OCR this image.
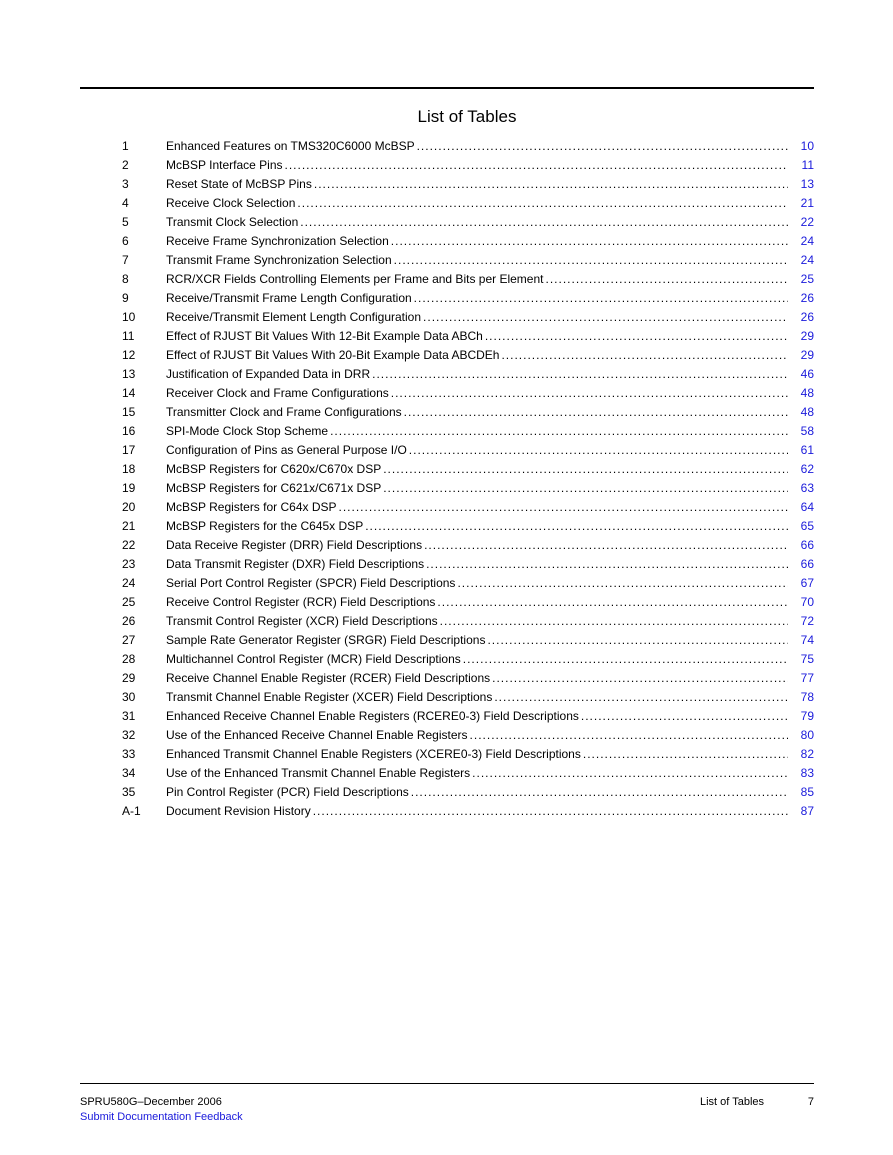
List of Tables
1	Enhanced Features on TMS320C6000 McBSP .....	10
2	McBSP Interface Pins .....	11
3	Reset State of McBSP Pins .....	13
4	Receive Clock Selection .....	21
5	Transmit Clock Selection .....	22
6	Receive Frame Synchronization Selection .....	24
7	Transmit Frame Synchronization Selection .....	24
8	RCR/XCR Fields Controlling Elements per Frame and Bits per Element .....	25
9	Receive/Transmit Frame Length Configuration .....	26
10	Receive/Transmit Element Length Configuration .....	26
11	Effect of RJUST Bit Values With 12-Bit Example Data ABCh .....	29
12	Effect of RJUST Bit Values With 20-Bit Example Data ABCDEh .....	29
13	Justification of Expanded Data in DRR .....	46
14	Receiver Clock and Frame Configurations .....	48
15	Transmitter Clock and Frame Configurations .....	48
16	SPI-Mode Clock Stop Scheme .....	58
17	Configuration of Pins as General Purpose I/O .....	61
18	McBSP Registers for C620x/C670x DSP .....	62
19	McBSP Registers for C621x/C671x DSP .....	63
20	McBSP Registers for C64x DSP .....	64
21	McBSP Registers for the C645x DSP .....	65
22	Data Receive Register (DRR) Field Descriptions .....	66
23	Data Transmit Register (DXR) Field Descriptions .....	66
24	Serial Port Control Register (SPCR) Field Descriptions .....	67
25	Receive Control Register (RCR) Field Descriptions .....	70
26	Transmit Control Register (XCR) Field Descriptions .....	72
27	Sample Rate Generator Register (SRGR) Field Descriptions .....	74
28	Multichannel Control Register (MCR) Field Descriptions .....	75
29	Receive Channel Enable Register (RCER) Field Descriptions .....	77
30	Transmit Channel Enable Register (XCER) Field Descriptions .....	78
31	Enhanced Receive Channel Enable Registers (RCERE0-3) Field Descriptions .....	79
32	Use of the Enhanced Receive Channel Enable Registers .....	80
33	Enhanced Transmit Channel Enable Registers (XCERE0-3) Field Descriptions .....	82
34	Use of the Enhanced Transmit Channel Enable Registers .....	83
35	Pin Control Register (PCR) Field Descriptions .....	85
A-1	Document Revision History .....	87
SPRU580G–December 2006
Submit Documentation Feedback
List of Tables	7
